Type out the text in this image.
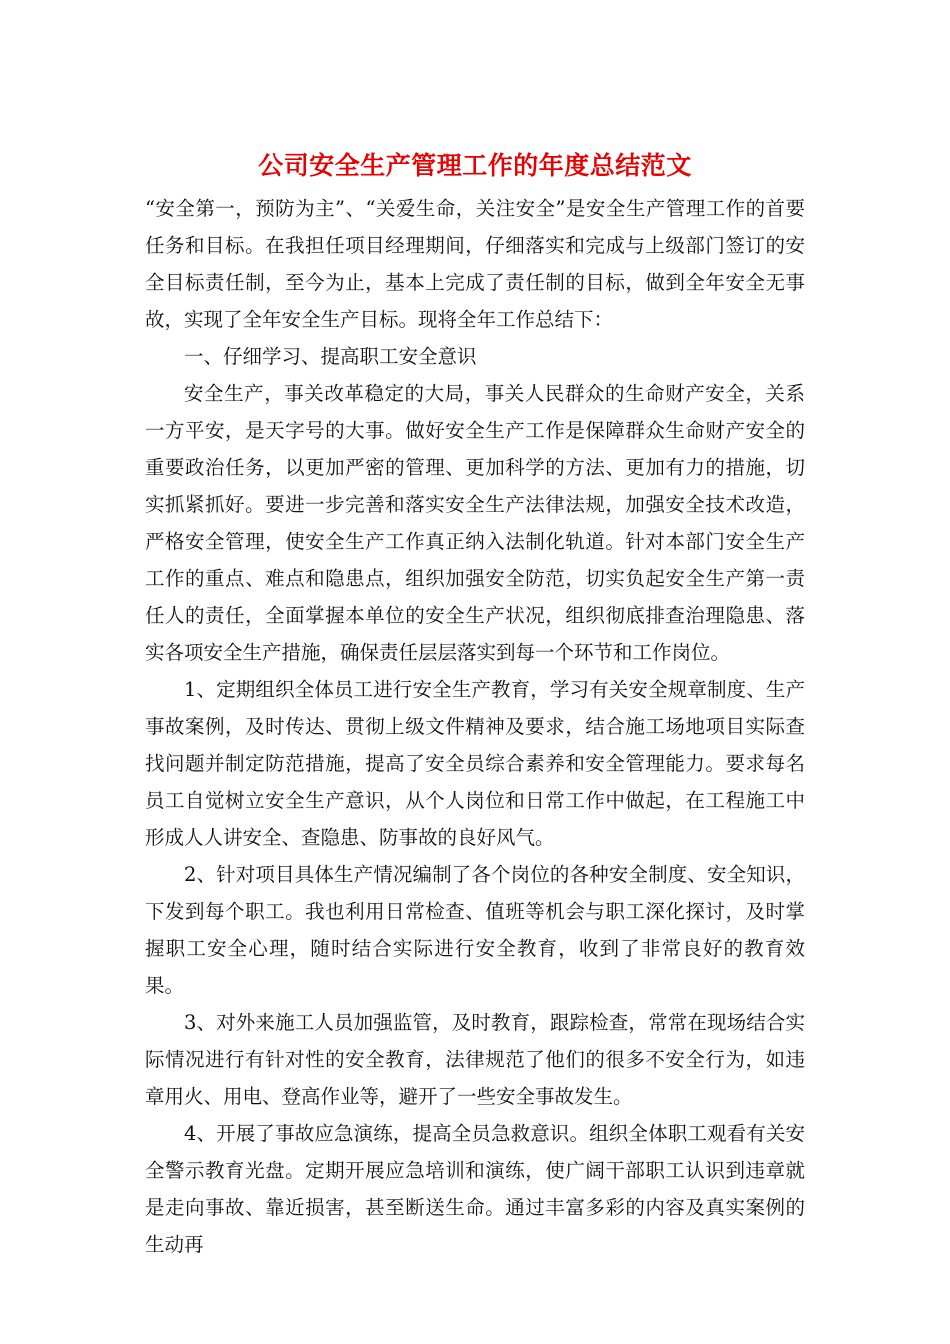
公司安全生产管理工作的年度总结范文

“安全第一，预防为主”、“关爱生命，关注安全”是安全生产管理工作的首要任务和目标。在我担任项目经理期间，仔细落实和完成与上级部门签订的安全目标责任制，至今为止，基本上完成了责任制的目标，做到全年安全无事故，实现了全年安全生产目标。现将全年工作总结下：

一、仔细学习、提高职工安全意识

安全生产，事关改革稳定的大局，事关人民群众的生命财产安全，关系一方平安，是天字号的大事。做好安全生产工作是保障群众生命财产安全的重要政治任务，以更加严密的管理、更加科学的方法、更加有力的措施，切实抓紧抓好。要进一步完善和落实安全生产法律法规，加强安全技术改造，严格安全管理，使安全生产工作真正纳入法制化轨道。针对本部门安全生产工作的重点、难点和隐患点，组织加强安全防范，切实负起安全生产第一责任人的责任，全面掌握本单位的安全生产状况，组织彻底排查治理隐患、落实各项安全生产措施，确保责任层层落实到每一个环节和工作岗位。

1、定期组织全体员工进行安全生产教育，学习有关安全规章制度、生产事故案例，及时传达、贯彻上级文件精神及要求，结合施工场地项目实际查找问题并制定防范措施，提高了安全员综合素养和安全管理能力。要求每名员工自觉树立安全生产意识，从个人岗位和日常工作中做起，在工程施工中形成人人讲安全、查隐患、防事故的良好风气。

2、针对项目具体生产情况编制了各个岗位的各种安全制度、安全知识，下发到每个职工。我也利用日常检查、值班等机会与职工深化探讨，及时掌握职工安全心理，随时结合实际进行安全教育，收到了非常良好的教育效果。

3、对外来施工人员加强监管，及时教育，跟踪检查，常常在现场结合实际情况进行有针对性的安全教育，法律规范了他们的很多不安全行为，如违章用火、用电、登高作业等，避开了一些安全事故发生。

4、开展了事故应急演练，提高全员急救意识。组织全体职工观看有关安全警示教育光盘。定期开展应急培训和演练，使广阔干部职工认识到违章就是走向事故、靠近损害，甚至断送生命。通过丰富多彩的内容及真实案例的生动再
